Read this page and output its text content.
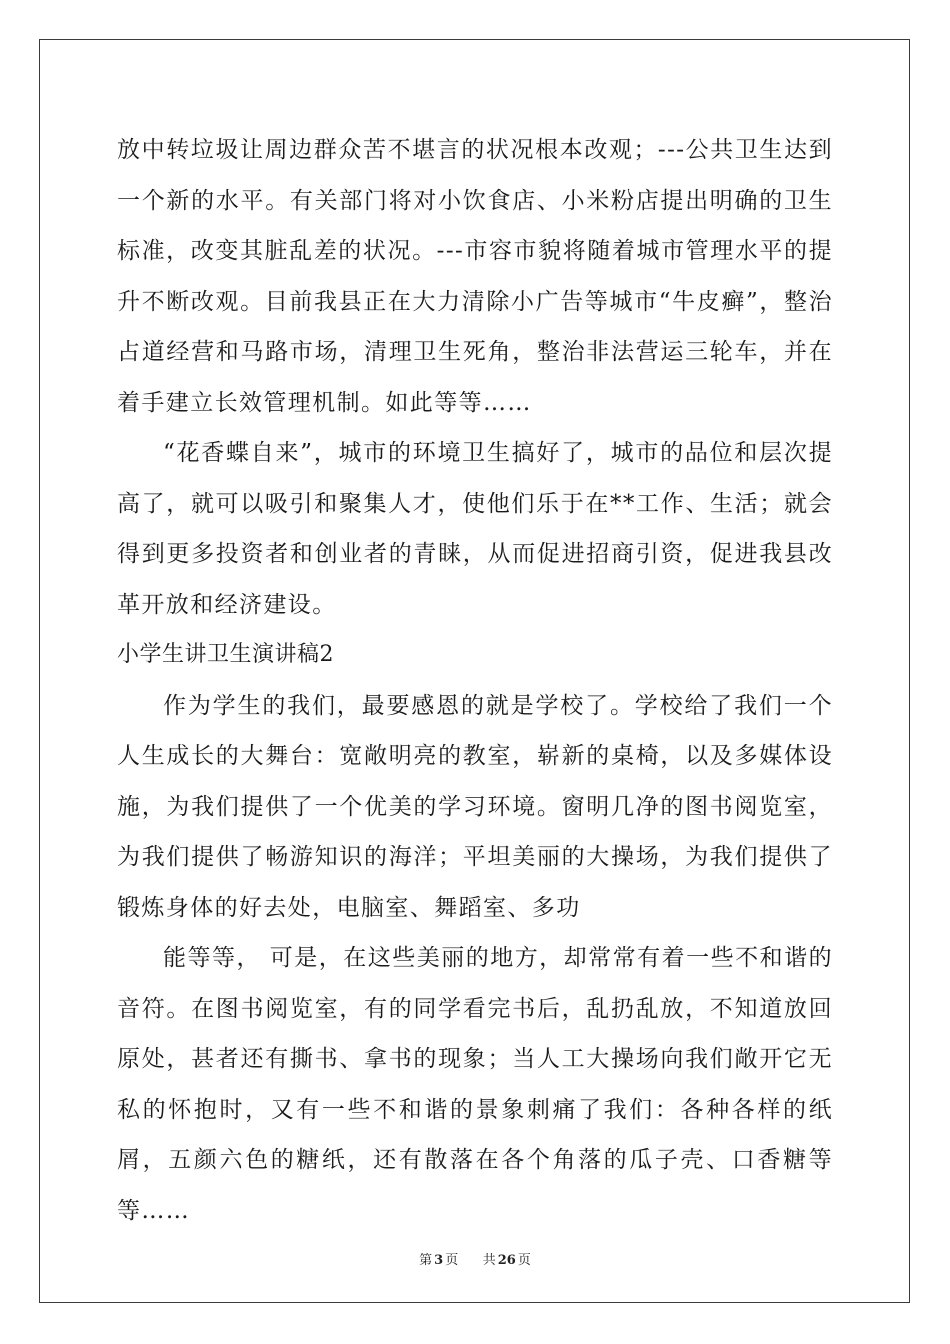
放中转垃圾让周边群众苦不堪言的状况根本改观；---公共卫生达到一个新的水平。有关部门将对小饮食店、小米粉店提出明确的卫生标准，改变其脏乱差的状况。---市容市貌将随着城市管理水平的提升不断改观。目前我县正在大力清除小广告等城市“牛皮癣”，整治占道经营和马路市场，清理卫生死角，整治非法营运三轮车，并在着手建立长效管理机制。如此等等……

“花香蝶自来”，城市的环境卫生搞好了，城市的品位和层次提高了，就可以吸引和聚集人才，使他们乐于在**工作、生活；就会得到更多投资者和创业者的青睐，从而促进招商引资，促进我县改革开放和经济建设。

小学生讲卫生演讲稿2

作为学生的我们，最要感恩的就是学校了。学校给了我们一个人生成长的大舞台：宽敞明亮的教室，崭新的桌椅，以及多媒体设施，为我们提供了一个优美的学习环境。窗明几净的图书阅览室，为我们提供了畅游知识的海洋；平坦美丽的大操场，为我们提供了锻炼身体的好去处，电脑室、舞蹈室、多功

能等等， 可是，在这些美丽的地方，却常常有着一些不和谐的音符。在图书阅览室，有的同学看完书后，乱扔乱放，不知道放回原处，甚者还有撕书、拿书的现象；当人工大操场向我们敞开它无私的怀抱时，又有一些不和谐的景象刺痛了我们：各种各样的纸屑，五颜六色的糖纸，还有散落在各个角落的瓜子壳、口香糖等等……

第 3 页 共 26 页
